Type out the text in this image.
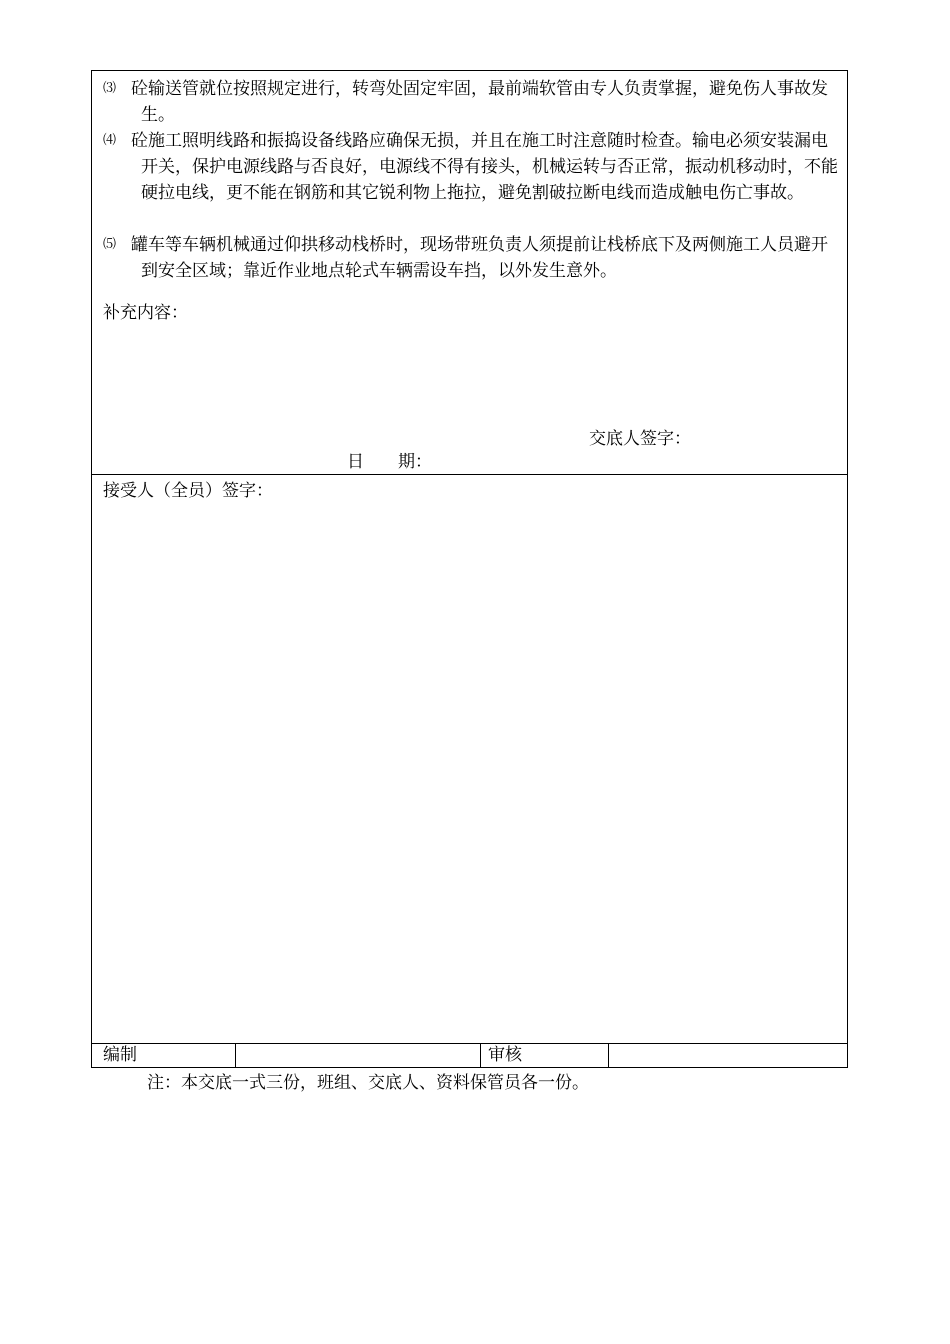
⑶ 砼输送管就位按照规定进行，转弯处固定牢固，最前端软管由专人负责掌握，避免伤人事故发生。
⑷ 砼施工照明线路和振捣设备线路应确保无损，并且在施工时注意随时检查。输电必须安装漏电开关，保护电源线路与否良好，电源线不得有接头，机械运转与否正常，振动机移动时，不能硬拉电线，更不能在钢筋和其它锐利物上拖拉，避免割破拉断电线而造成触电伤亡事故。
⑸ 罐车等车辆机械通过仰拱移动栈桥时，现场带班负责人须提前让栈桥底下及两侧施工人员避开到安全区域；靠近作业地点轮式车辆需设车挡，以外发生意外。
补充内容：
交底人签字：
日　　期：
接受人（全员）签字：
编制	审核
注：本交底一式三份，班组、交底人、资料保管员各一份。
